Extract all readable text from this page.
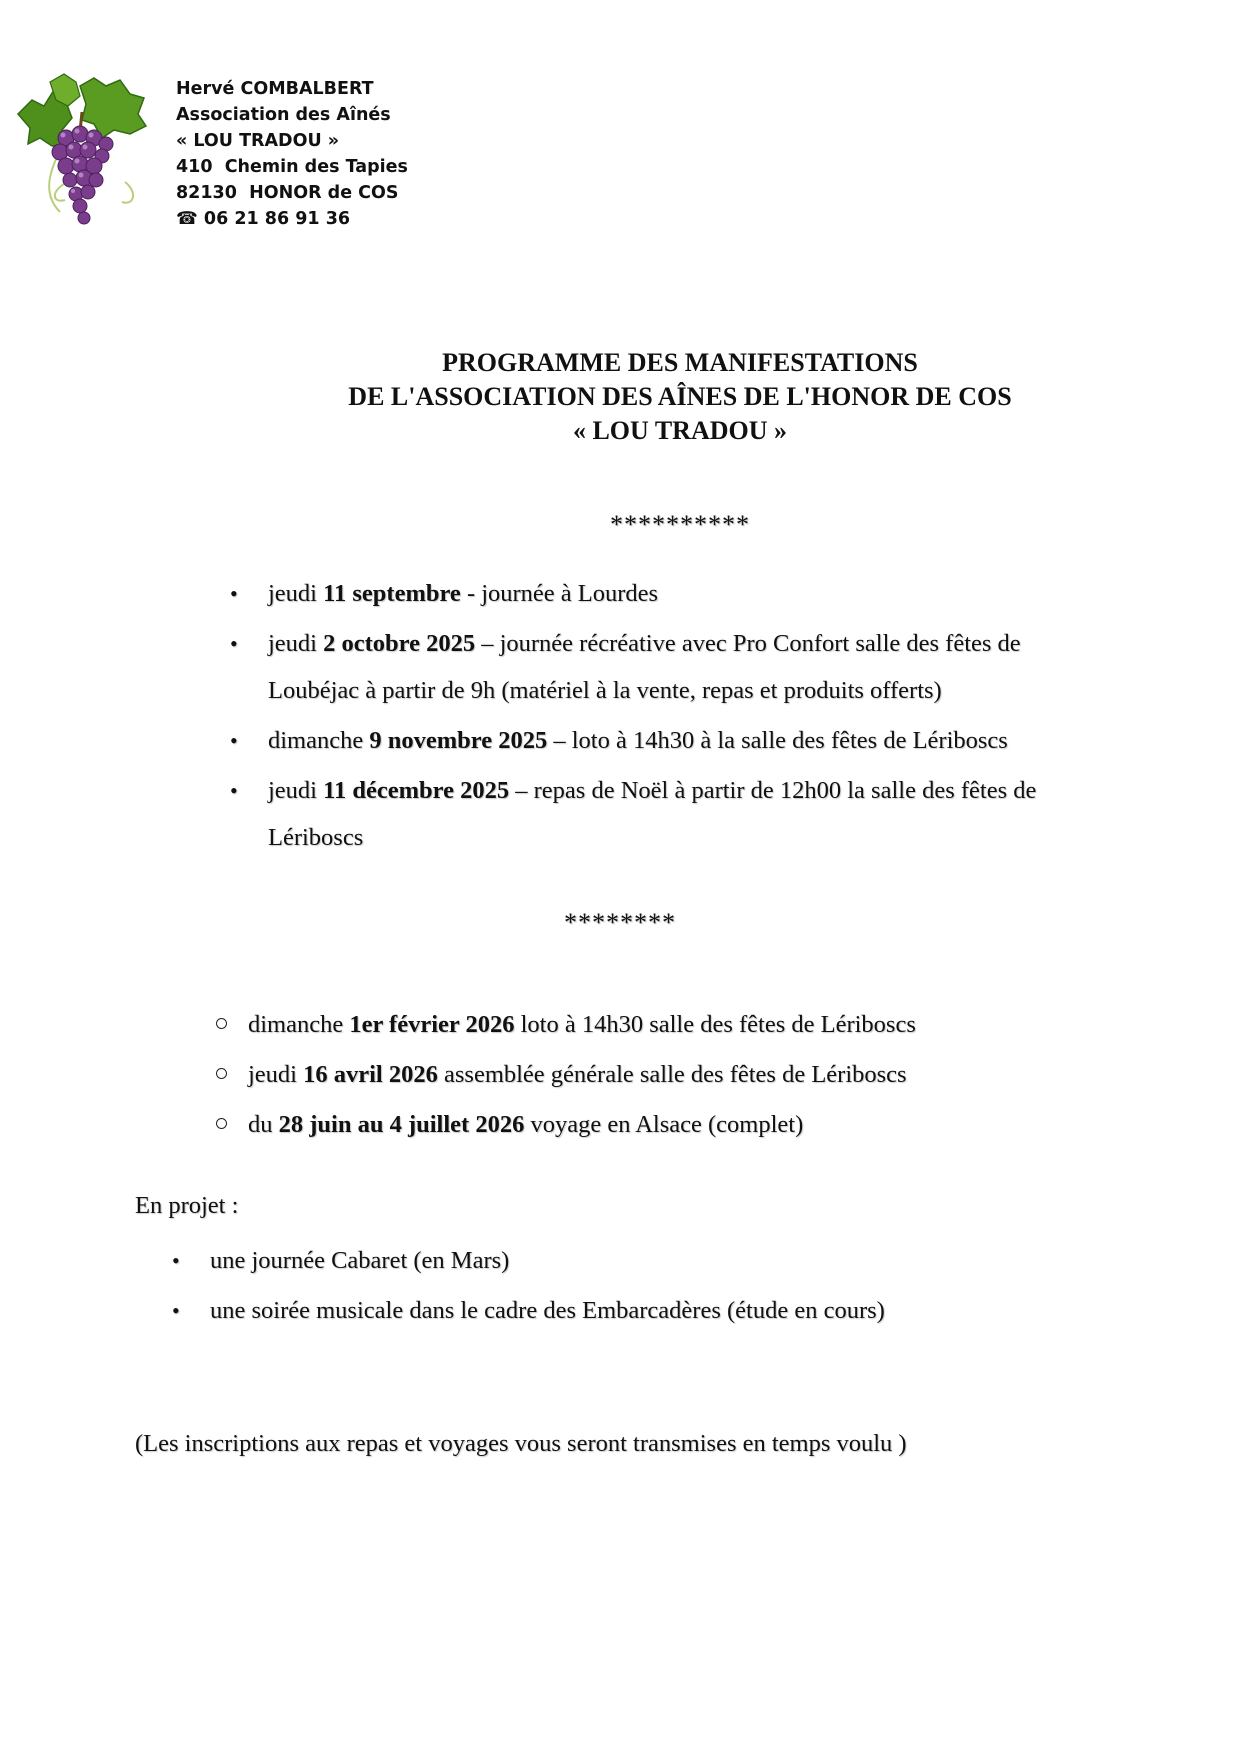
Hervé COMBALBERT
Association des Aînés
« LOU TRADOU »
410  Chemin des Tapies
82130  HONOR de COS
☎ 06 21 86 91 36
PROGRAMME DES MANIFESTATIONS
DE L'ASSOCIATION DES AÎNES DE L'HONOR DE COS
« LOU TRADOU »
**********
• jeudi 11 septembre - journée à Lourdes
• jeudi 2 octobre 2025 – journée récréative avec Pro Confort salle des fêtes de Loubéjac à partir de 9h (matériel à la vente, repas et produits offerts)
• dimanche 9 novembre 2025 – loto à 14h30 à la salle des fêtes de Lériboscs
• jeudi 11 décembre 2025 – repas de Noël à partir de 12h00 la salle des fêtes de Lériboscs
********
dimanche 1er février 2026 loto à 14h30 salle des fêtes de Lériboscs
jeudi 16 avril 2026 assemblée générale salle des fêtes de Lériboscs
du 28 juin au 4 juillet 2026 voyage en Alsace (complet)
En projet :
• une journée Cabaret (en Mars)
• une soirée musicale dans le cadre des Embarcadères (étude en cours)
(Les inscriptions aux repas et voyages vous seront transmises en temps voulu )
